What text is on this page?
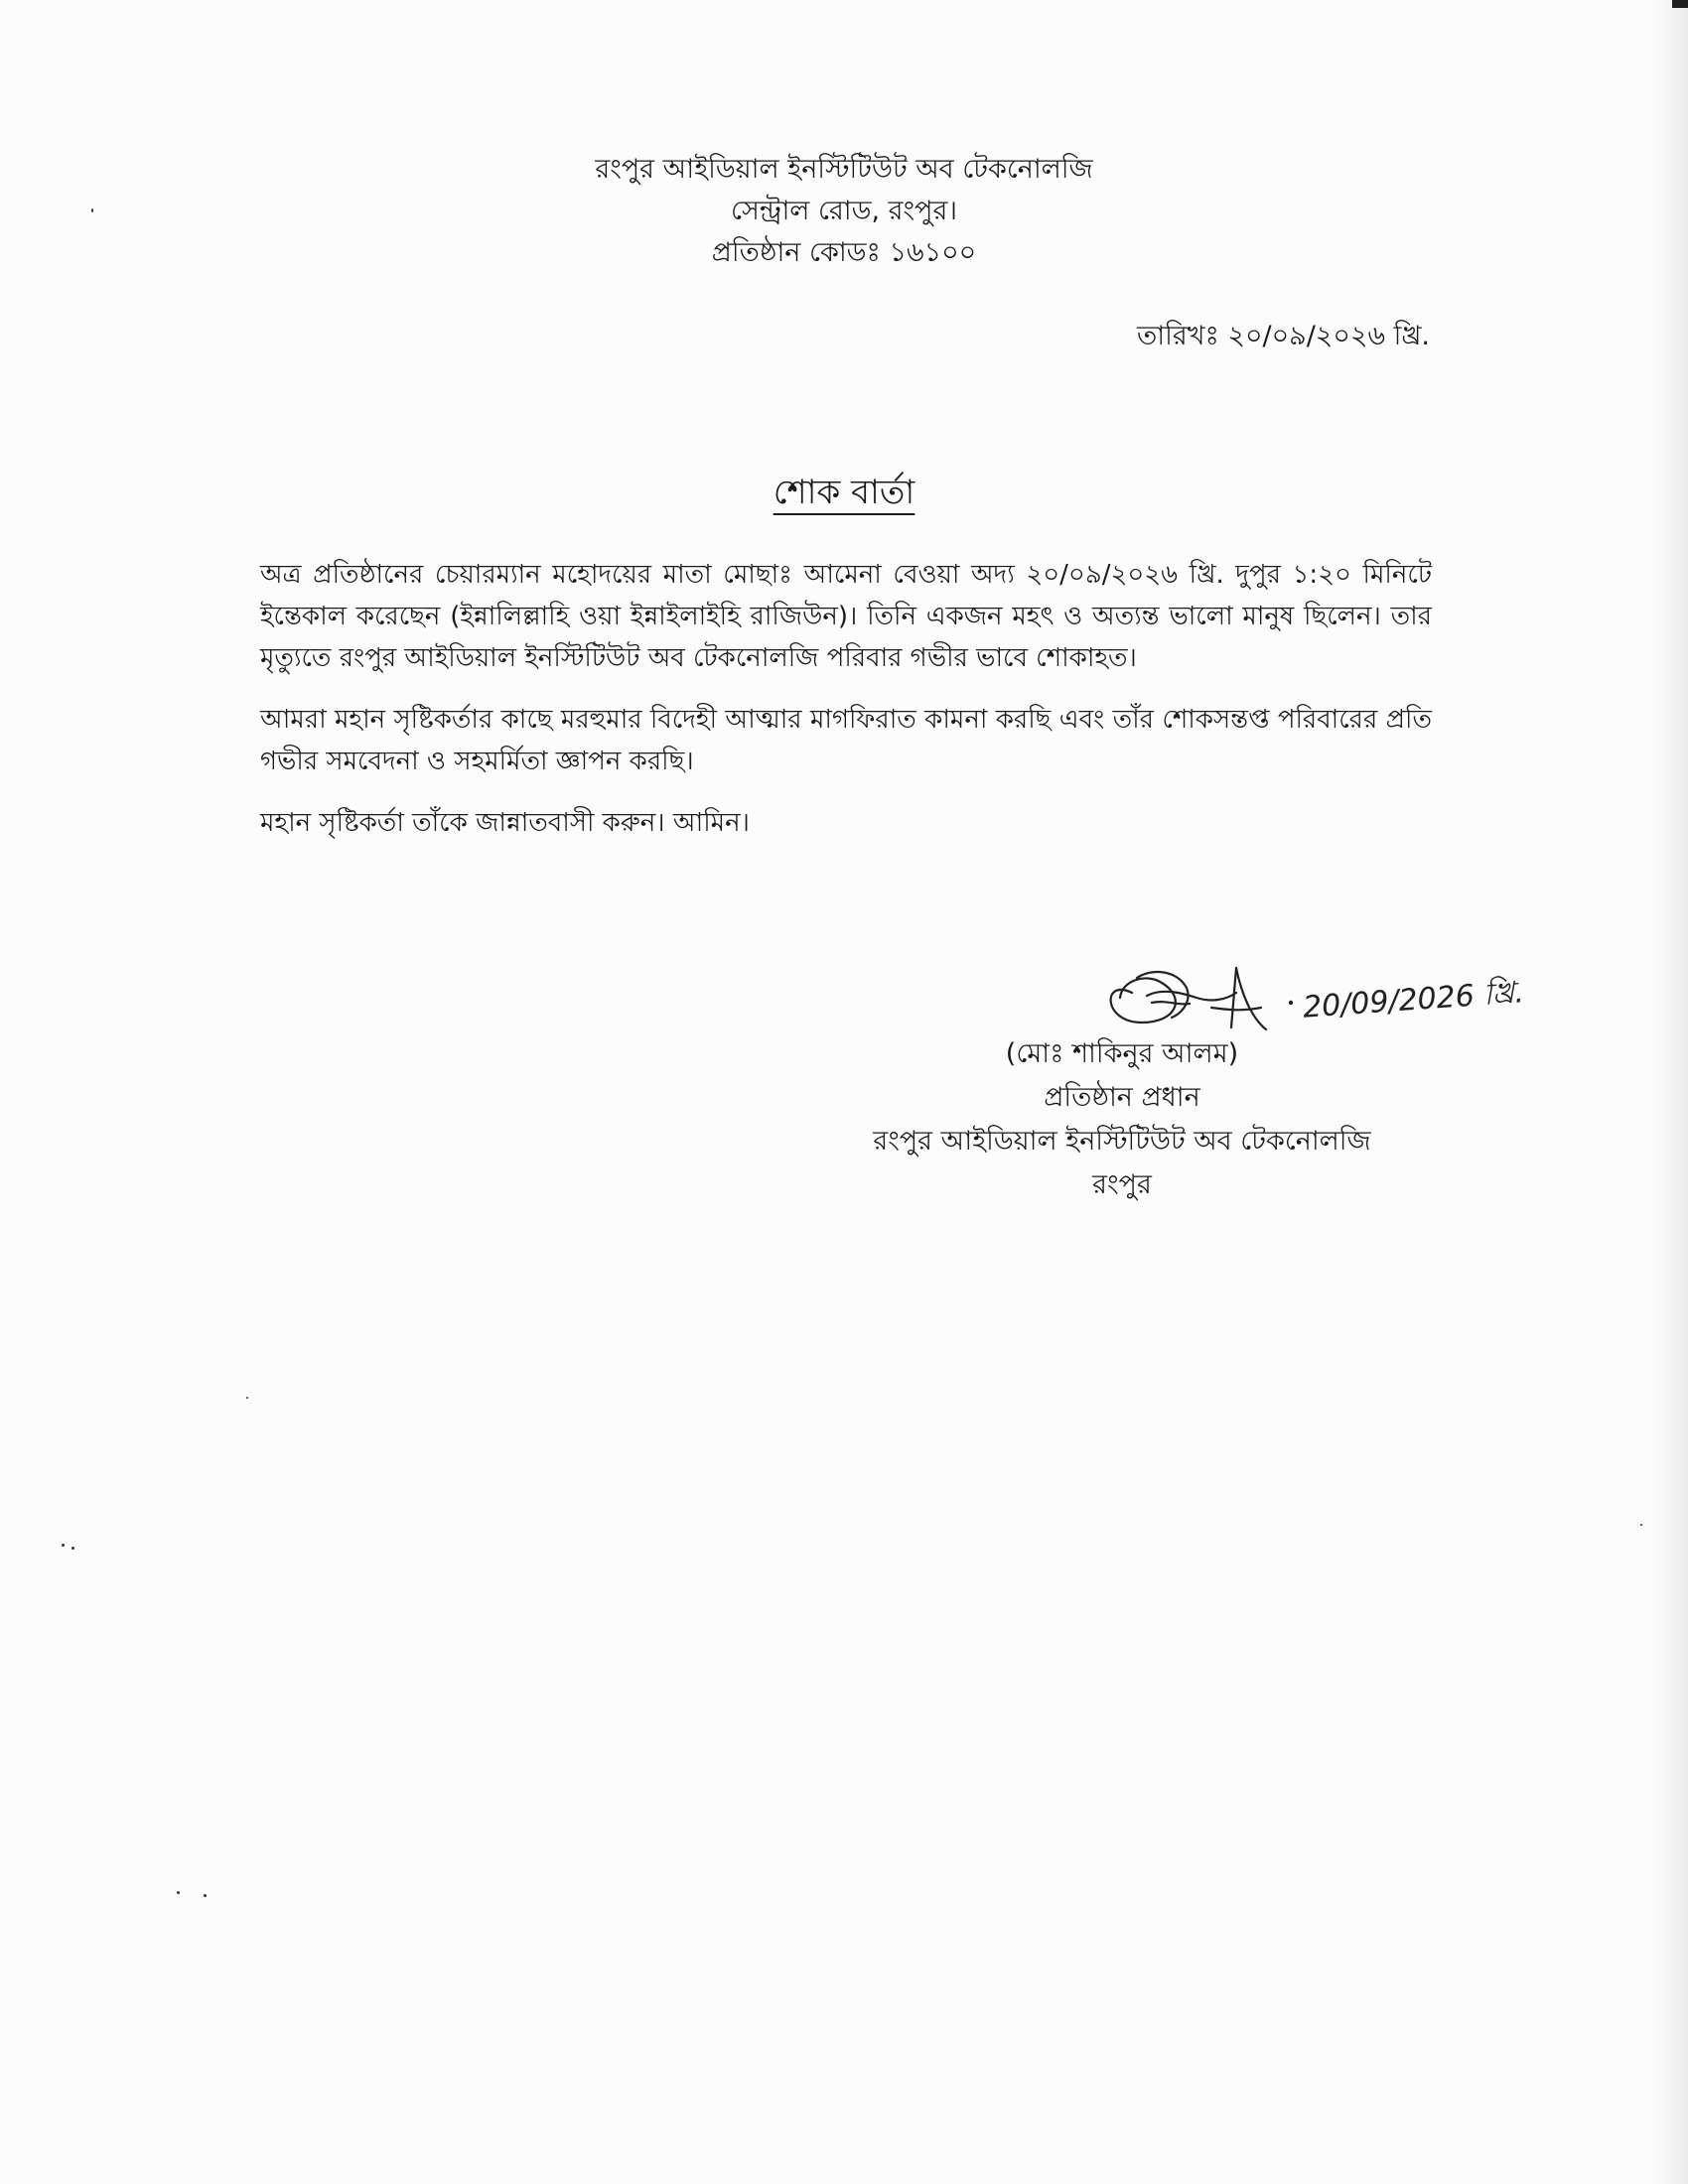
রংপুর আইডিয়াল ইনস্টিটিউট অব টেকনোলজি
সেন্ট্রাল রোড, রংপুর।
প্রতিষ্ঠান কোডঃ ১৬১০০
তারিখঃ ২০/০৯/২০২৬ খ্রি.
শোক বার্তা

অত্র প্রতিষ্ঠানের চেয়ারম্যান মহোদয়ের মাতা মোছাঃ আমেনা বেওয়া অদ্য ২০/০৯/২০২৬ খ্রি. দুপুর ১:২০ মিনিটে ইন্তেকাল করেছেন (ইন্নালিল্লাহি ওয়া ইন্নাইলাইহি রাজিউন)। তিনি একজন মহৎ ও অত্যন্ত ভালো মানুষ ছিলেন। তার মৃত্যুতে রংপুর আইডিয়াল ইনস্টিটিউট অব টেকনোলজি পরিবার গভীর ভাবে শোকাহত।

আমরা মহান সৃষ্টিকর্তার কাছে মরহুমার বিদেহী আত্মার মাগফিরাত কামনা করছি এবং তাঁর শোকসন্তপ্ত পরিবারের প্রতি গভীর সমবেদনা ও সহমর্মিতা জ্ঞাপন করছি।

মহান সৃষ্টিকর্তা তাঁকে জান্নাতবাসী করুন। আমিন।

20/09/2026 খ্রি.
(মোঃ শাকিনুর আলম)
প্রতিষ্ঠান প্রধান
রংপুর আইডিয়াল ইনস্টিটিউট অব টেকনোলজি
রংপুর
